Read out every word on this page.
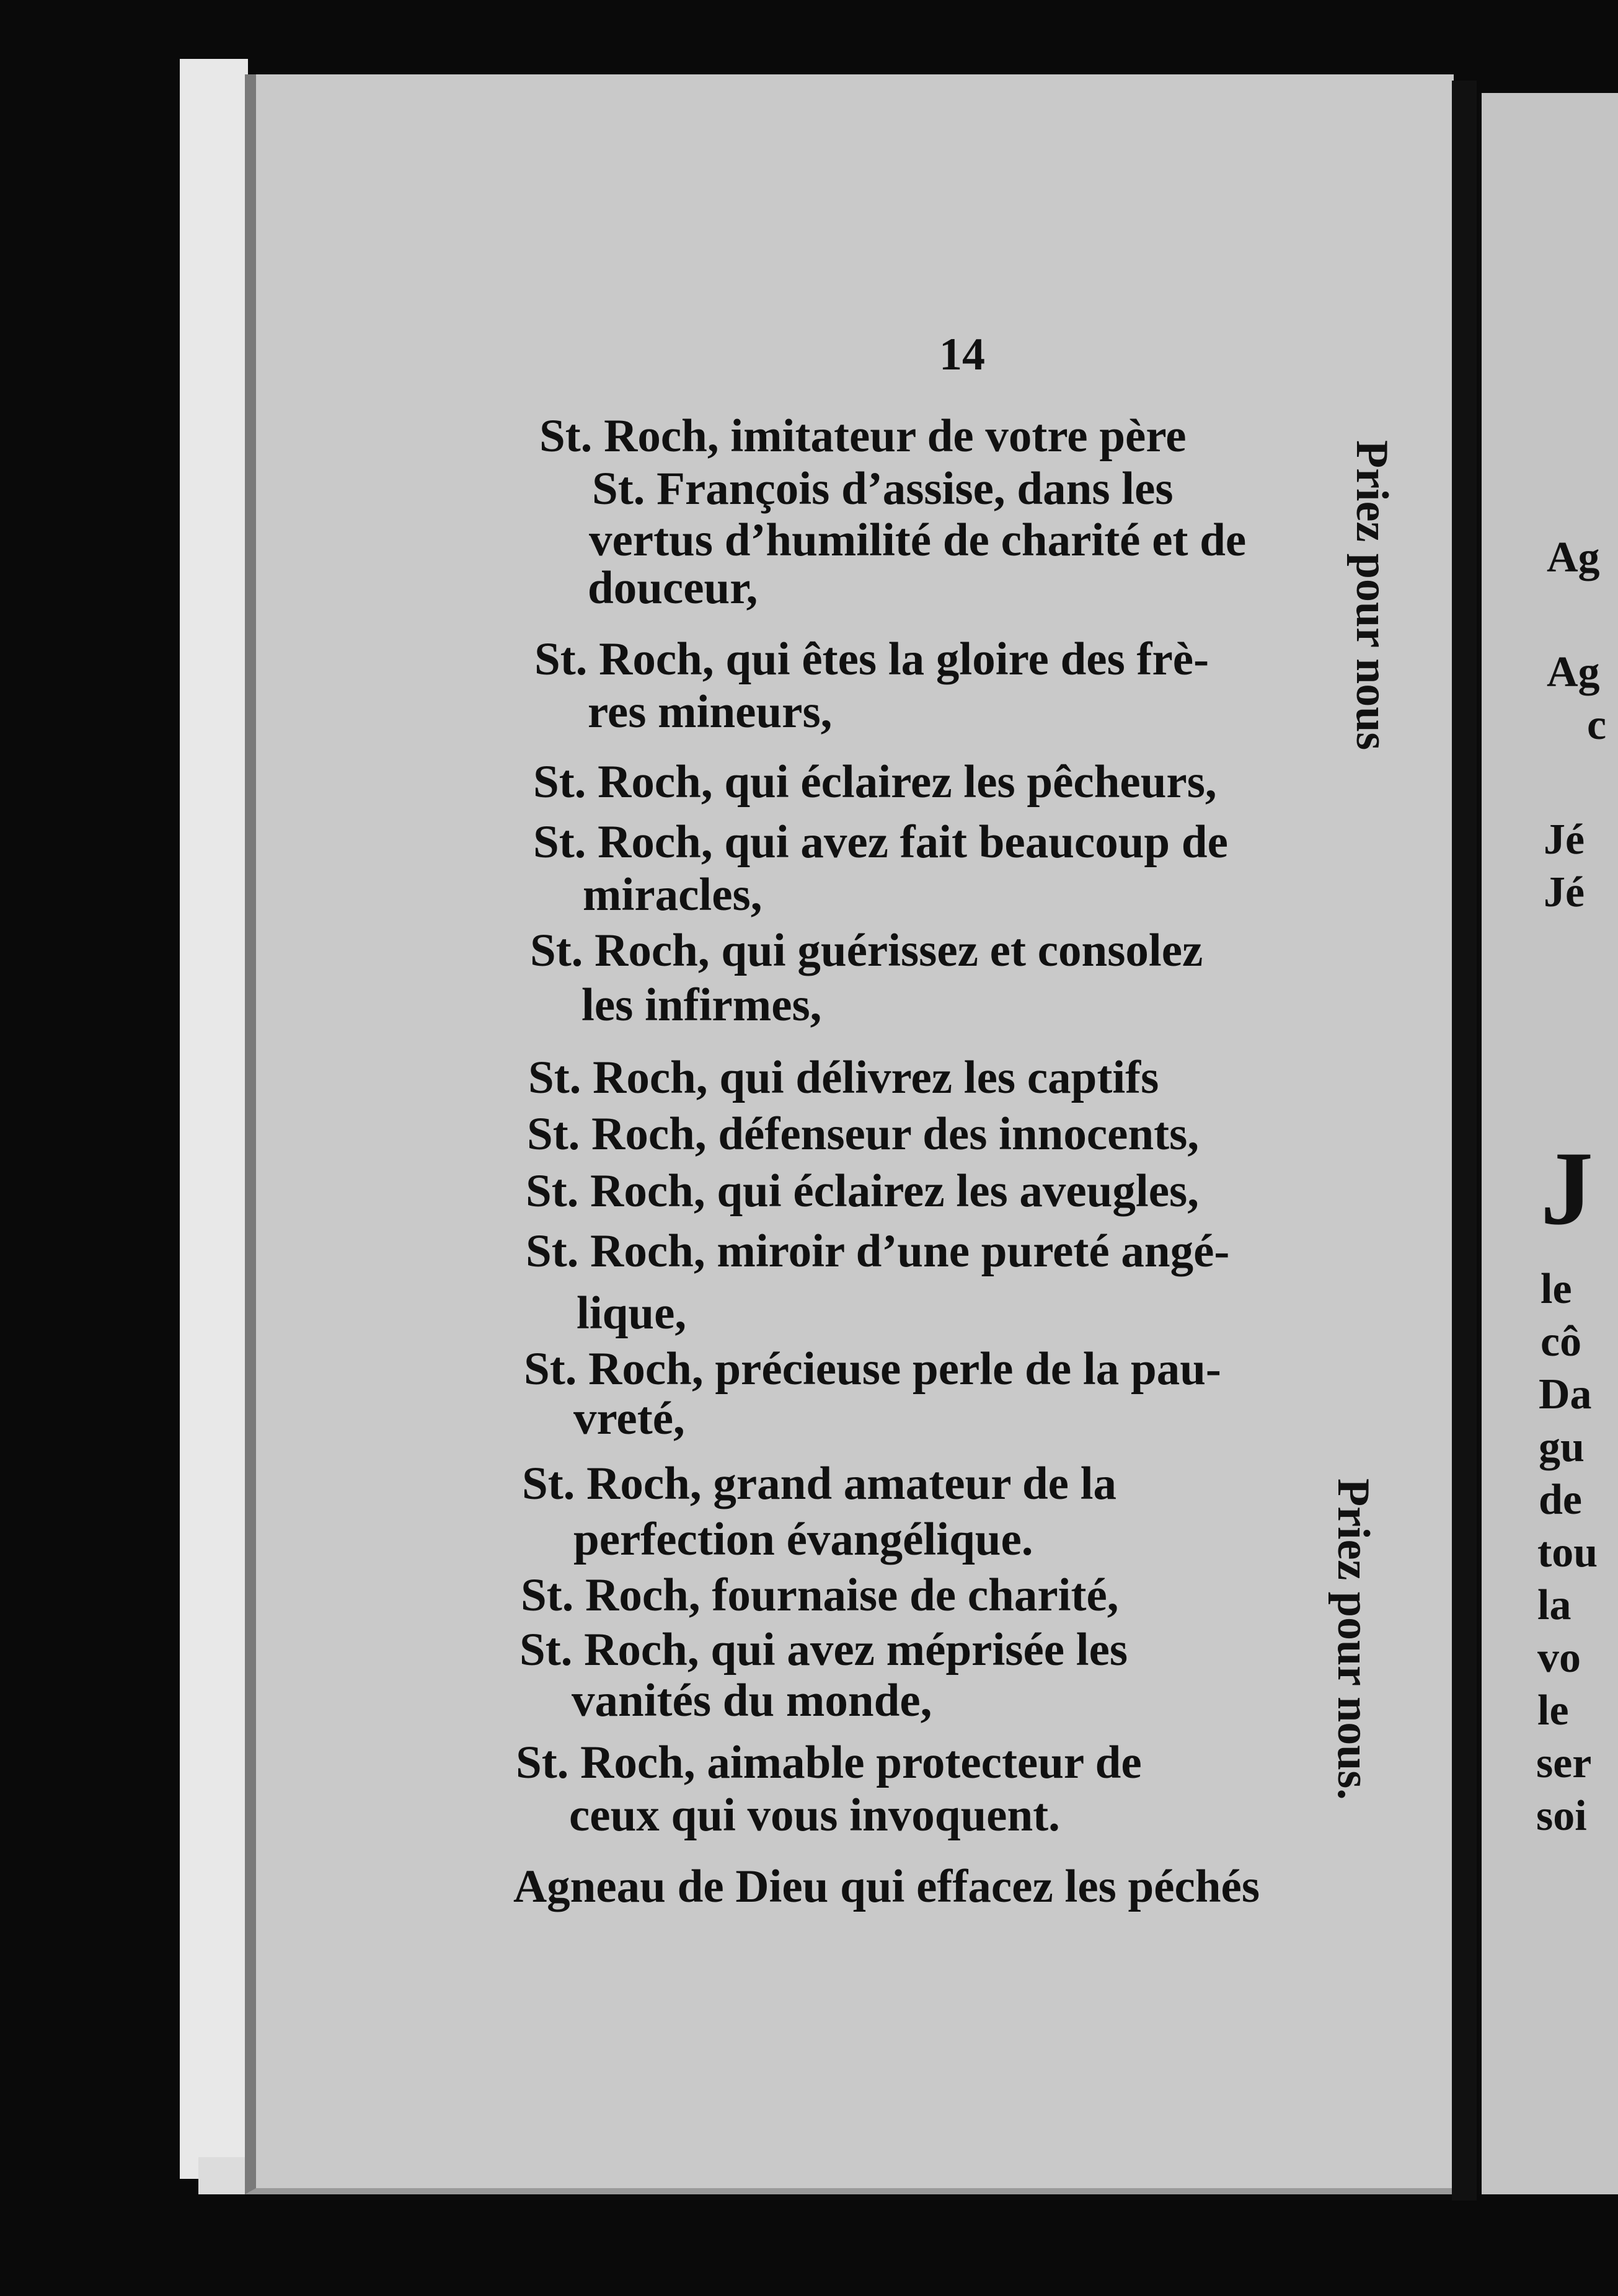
14
St. Roch, imitateur de votre père
St. François d’assise, dans les
vertus d’humilité de charité et de
douceur,
St. Roch, qui êtes la gloire des frè-
res mineurs,
St. Roch, qui éclairez les pêcheurs,
St. Roch, qui avez fait beaucoup de
miracles,
St. Roch, qui guérissez et consolez
les infirmes,
St. Roch, qui délivrez les captifs
St. Roch, défenseur des innocents,
St. Roch, qui éclairez les aveugles,
St. Roch, miroir d’une pureté angé-
lique,
St. Roch, précieuse perle de la pau-
vreté,
St. Roch, grand amateur de la
perfection évangélique.
St. Roch, fournaise de charité,
St. Roch, qui avez méprisée les
vanités du monde,
St. Roch, aimable protecteur de
ceux qui vous invoquent.
Agneau de Dieu qui effacez les péchés
Priez pour nous
Priez pour nous.
Ag
Ag
c
Jé
Jé
J
le
cô
Da
gu
de
tou
la
vo
le
ser
soi
